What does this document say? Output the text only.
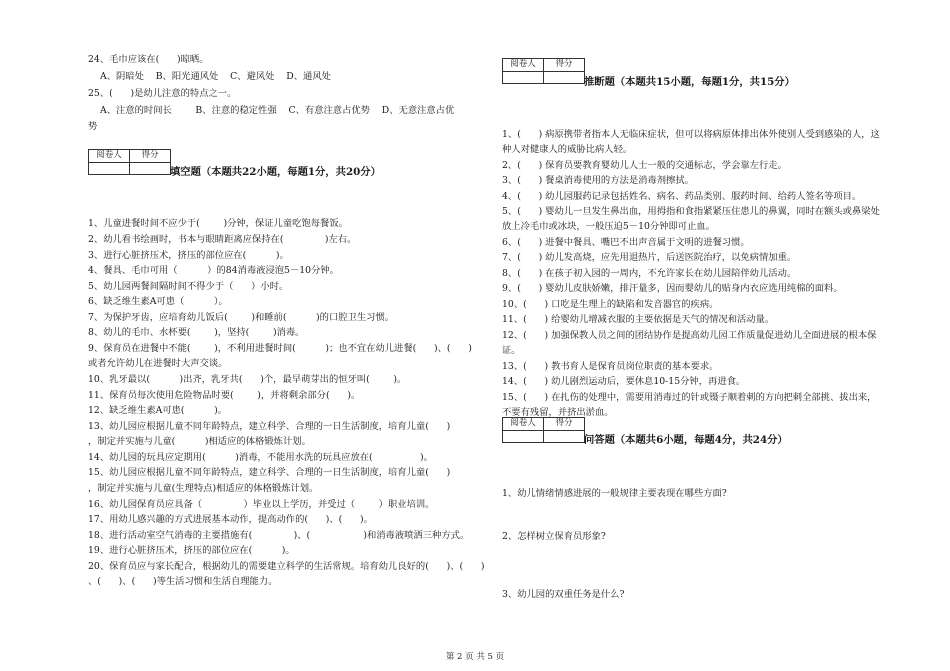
24、毛巾应该在(      )晾晒。
A、阴暗处    B、阳光通风处    C、避风处    D、通风处
25、(      )是幼儿注意的特点之一。
A、注意的时间长        B、注意的稳定性强    C、有意注意占优势    D、无意注意占优
势
阅卷人	得分

填空题（本题共22小题，每题1分，共20分）
1、儿童进餐时间不应少于(        )分钟，保证儿童吃饱每餐饭。
2、幼儿看书绘画时，书本与眼睛距离应保持在(              )左右。
3、进行心脏挤压术，挤压的部位应在(          )。
4、餐具、毛巾可用（          ）的84消毒液浸泡5－10分钟。
5、幼儿园两餐间隔时间不得少于（      ）小时。
6、缺乏维生素A可患（          ）。
7、为保护牙齿，应培育幼儿饭后(        )和睡前(          )的口腔卫生习惯。
8、幼儿的毛巾、水杯要(        )，坚持(        )消毒。
9、保育员在进餐中不能(        )，不利用进餐时间(          )；也不宜在幼儿进餐(      )、(      )
或者允许幼儿在进餐时大声交谈。
10、乳牙最以(          )出齐，乳牙共(      )个，最早萌芽出的恒牙叫(        )。
11、保育员每次使用危险物品时要(        )，并将剩余部分(      )。
12、缺乏维生素A可患(          )。
13、幼儿园应根据儿童不同年龄特点，建立科学、合理的一日生活制度，培育儿童(      )
，制定并实施与儿童(          )相适应的体格锻炼计划。
14、幼儿园的玩具应定期用(          )消毒，不能用水洗的玩具应放在(                )。
15、幼儿园应根据儿童不同年龄特点，建立科学、合理的一日生活制度，培育儿童(      )
，制定并实施与儿童(生理特点)相适应的体格锻炼计划。
16、幼儿园保育员应具备（              ）毕业以上学历，并受过（        ）职业培训。
17、用幼儿感兴趣的方式进展基本动作，提高动作的(      )、(      )。
18、进行活动室空气消毒的主要措施有(              )、(                  )和消毒液喷洒三种方式。
19、进行心脏挤压术，挤压的部位应在(          )。
20、保育员应与家长配合，根据幼儿的需要建立科学的生活常规。培育幼儿良好的(      )、(      )
、(      )、(      )等生活习惯和生活自理能力。
阅卷人	得分

推断题（本题共15小题，每题1分，共15分）
1、(      ) 病原携带者指本人无临床症状，但可以将病原体排出体外使别人受到感染的人，这
种人对健康人的威胁比病人轻。
2、(      ) 保育员要教育婴幼儿人士一般的交通标志，学会靠左行走。
3、(      ) 餐桌消毒使用的方法是消毒剂擦拭。
4、(      ) 幼儿园服药记录包括姓名、病名、药品类别、服药时间、给药人签名等项目。
5、(      ) 婴幼儿一旦发生鼻出血，用拇指和食指紧紧压住患儿的鼻翼，同时在额头或鼻梁处
放上冷毛巾或冰块，一般压迫5－10分钟即可止血。
6、(      ) 进餐中餐具、嘴巴不出声音属于文明的进餐习惯。
7、(      ) 幼儿发高烧，应先用退热片，后送医院治疗，以免病情加重。
8、(      ) 在孩子初入园的一周内，不允许家长在幼儿园陪伴幼儿活动。
9、(      ) 婴幼儿皮肤娇嫩，排汗量多，因而婴幼儿的贴身内衣应选用纯棉的面料。
10、(      ) 口吃是生理上的缺陷和发音器官的疾病。
11、(      ) 给婴幼儿增减衣服的主要依据是天气的情况和活动量。
12、(      ) 加强保教人员之间的团结协作是提高幼儿园工作质量促进幼儿全面进展的根本保
证。
13、(      ) 教书育人是保育员岗位职责的基本要求。
14、(      ) 幼儿剧烈运动后，要休息10-15分钟，再进食。
15、(      ) 在扎伤的处理中，需要用消毒过的针或镊子顺着刺的方向把刺全部挑、拔出来，
不要有残留，并挤出淤血。
阅卷人	得分

问答题（本题共6小题，每题4分，共24分）
1、幼儿情绪情感进展的一般规律主要表现在哪些方面?
2、怎样树立保育员形象?
3、幼儿园的双重任务是什么?
第 2 页 共 5 页
